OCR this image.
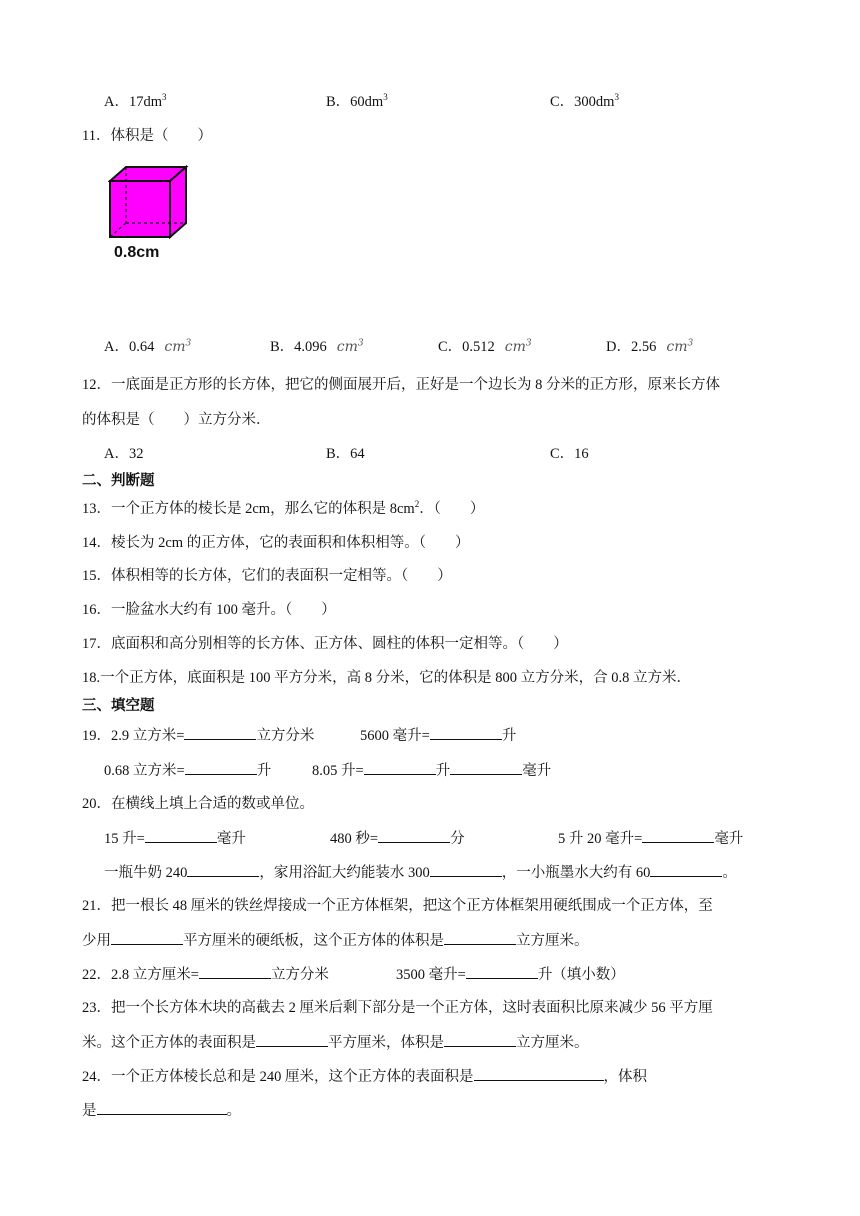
A．$17dm^3$	B．$60dm^3$	C．$300dm^3$
11．体积是（　　）
0.8cm
A．0.64 $cm^3$	B．4.096 $cm^3$	C．0.512 $cm^3$	D．2.56 $cm^3$
12．一底面是正方形的长方体，把它的侧面展开后，正好是一个边长为 8 分米的正方形，原来长方体
的体积是（　　）立方分米．
A．32	B．64	C．16
二、判断题
13．一个正方体的棱长是 2cm，那么它的体积是 $8cm^2$．（　　）
14．棱长为 2cm 的正方体，它的表面积和体积相等。（　　）
15．体积相等的长方体，它们的表面积一定相等。（　　）
16．一脸盆水大约有 100 毫升。（　　）
17．底面积和高分别相等的长方体、正方体、圆柱的体积一定相等。（　　）
18.一个正方体，底面积是 100 平方分米，高 8 分米，它的体积是 800 立方分米，合 0.8 立方米．
三、填空题
19．2.9 立方米=	立方分米	5600 毫升=	升
0.68 立方米=	升	8.05 升=	升	毫升
20．在横线上填上合适的数或单位。
15 升=	毫升	480 秒=	分	5 升 20 毫升=	毫升
一瓶牛奶 240	，家用浴缸大约能装水 300	，一小瓶墨水大约有 60	。
21．把一根长 48 厘米的铁丝焊接成一个正方体框架，把这个正方体框架用硬纸围成一个正方体，至
少用	平方厘米的硬纸板，这个正方体的体积是	立方厘米。
22．2.8 立方厘米=	立方分米	3500 毫升=	升（填小数）
23．把一个长方体木块的高截去 2 厘米后剩下部分是一个正方体，这时表面积比原来减少 56 平方厘
米。这个正方体的表面积是	平方厘米，体积是	立方厘米。
24．一个正方体棱长总和是 240 厘米，这个正方体的表面积是	，体积
是	。
